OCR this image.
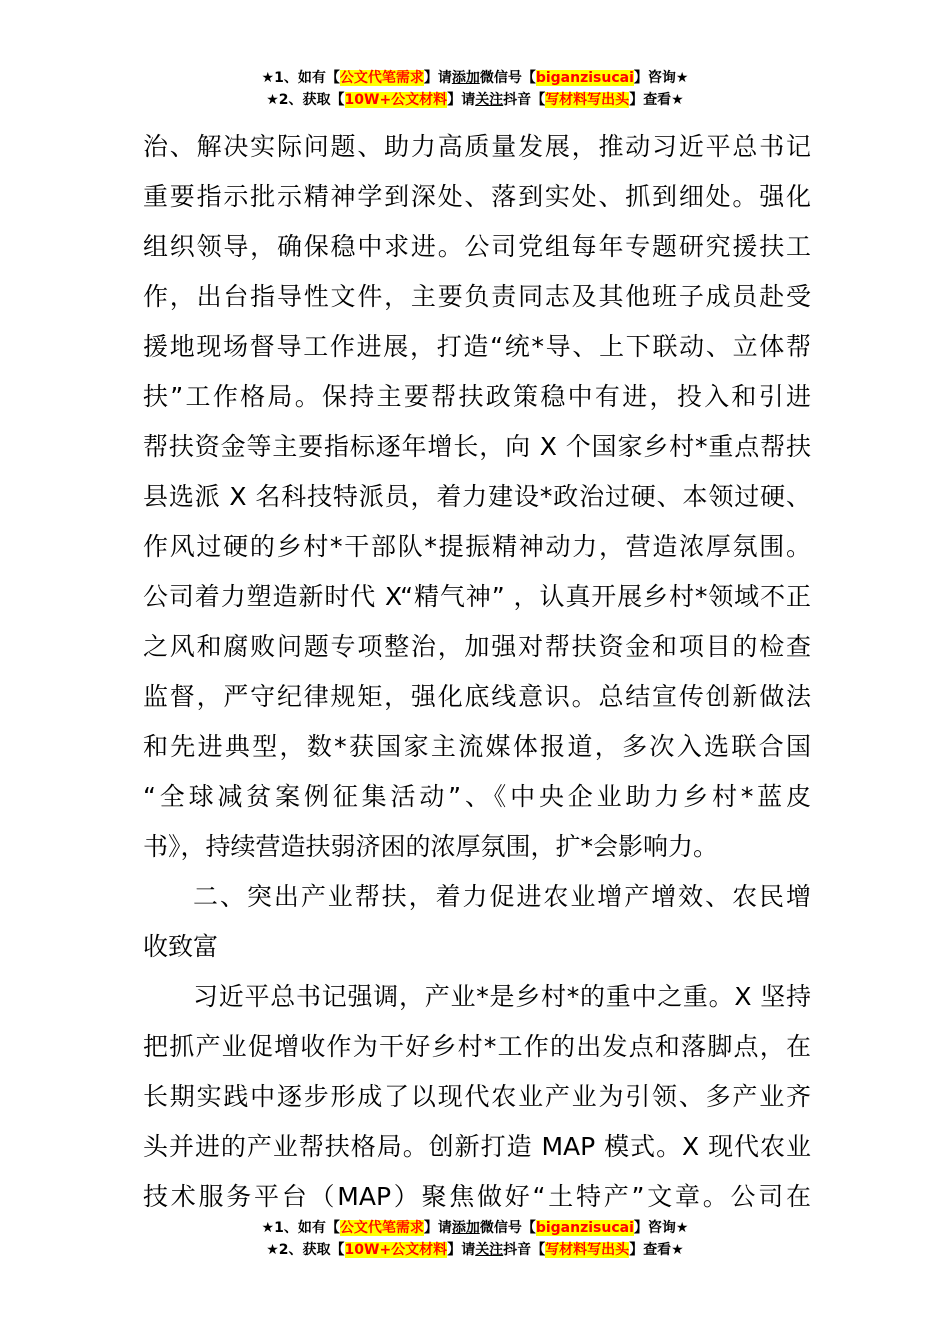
★1、如有【公文代笔需求】请添加微信号【biganzisucai】咨询★
★2、获取【10W+公文材料】请关注抖音【写材料写出头】查看★
治、解决实际问题、助力高质量发展，推动习近平总书记
重要指示批示精神学到深处、落到实处、抓到细处。强化
组织领导，确保稳中求进。公司党组每年专题研究援扶工
作，出台指导性文件，主要负责同志及其他班子成员赴受
援地现场督导工作进展，打造“统*导、上下联动、立体帮
扶”工作格局。保持主要帮扶政策稳中有进，投入和引进
帮扶资金等主要指标逐年增长，向 X 个国家乡村*重点帮扶
县选派 X 名科技特派员，着力建设*政治过硬、本领过硬、
作风过硬的乡村*干部队*提振精神动力，营造浓厚氛围。
公司着力塑造新时代 X“精气神” ，认真开展乡村*领域不正
之风和腐败问题专项整治，加强对帮扶资金和项目的检查
监督，严守纪律规矩，强化底线意识。总结宣传创新做法
和先进典型，数*获国家主流媒体报道，多次入选联合国
“全球减贫案例征集活动”、《中央企业助力乡村*蓝皮
书》，持续营造扶弱济困的浓厚氛围，扩*会影响力。
二、突出产业帮扶，着力促进农业增产增效、农民增
收致富
习近平总书记强调，产业*是乡村*的重中之重。X 坚持
把抓产业促增收作为干好乡村*工作的出发点和落脚点，在
长期实践中逐步形成了以现代农业产业为引领、多产业齐
头并进的产业帮扶格局。创新打造 MAP 模式。X 现代农业
技术服务平台（MAP）聚焦做好“土特产”文章。公司在
★1、如有【公文代笔需求】请添加微信号【biganzisucai】咨询★
★2、获取【10W+公文材料】请关注抖音【写材料写出头】查看★
